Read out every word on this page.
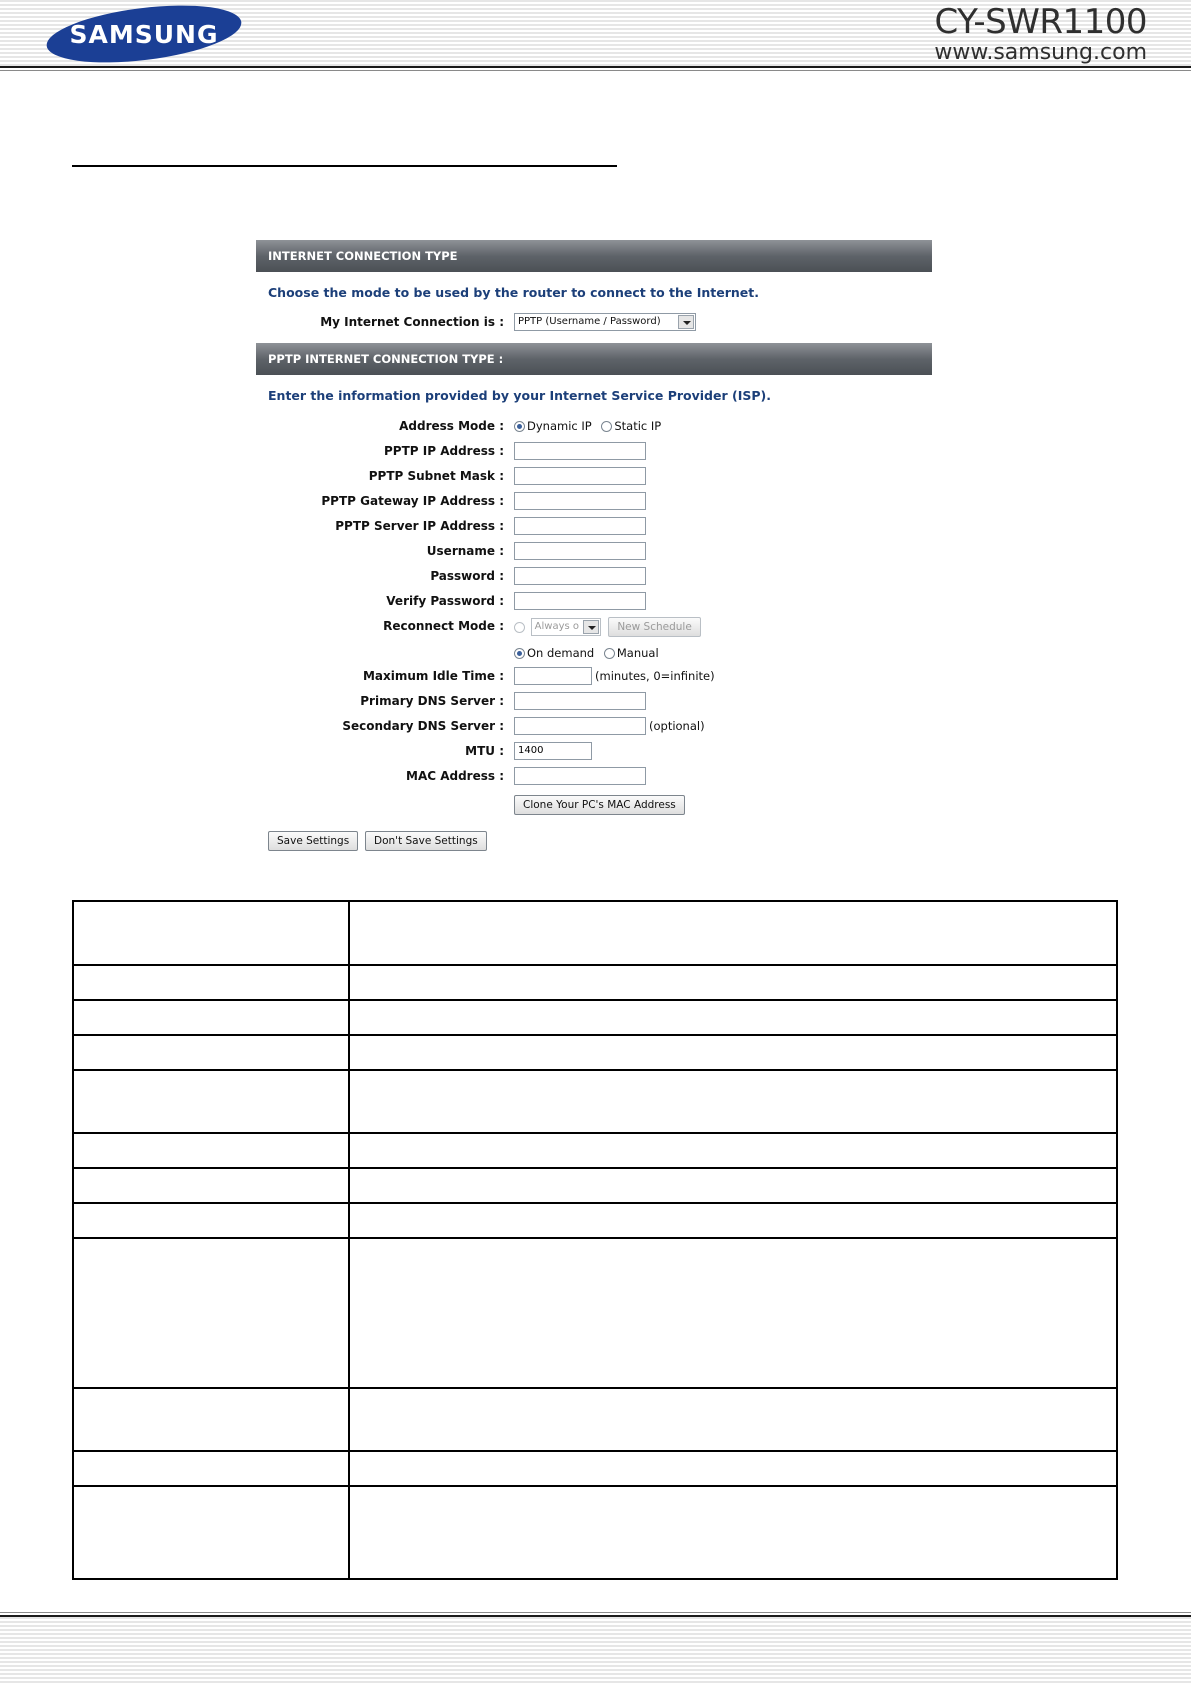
SAMSUNG	CY-SWR1100
www.samsung.com
INTERNET CONNECTION TYPE
Choose the mode to be used by the router to connect to the Internet.
My Internet Connection is :	PPTP (Username / Password)
PPTP INTERNET CONNECTION TYPE :
Enter the information provided by your Internet Service Provider (ISP).
Address Mode :	Dynamic IP Static IP
PPTP IP Address :
PPTP Subnet Mask :
PPTP Gateway IP Address :
PPTP Server IP Address :
Username :
Password :
Verify Password :
Reconnect Mode :	Always o	New Schedule
On demand Manual
Maximum Idle Time :	(minutes, 0=infinite)
Primary DNS Server :
Secondary DNS Server :	(optional)
MTU :	1400
MAC Address :
Clone Your PC's MAC Address
Save Settings Don't Save Settings
